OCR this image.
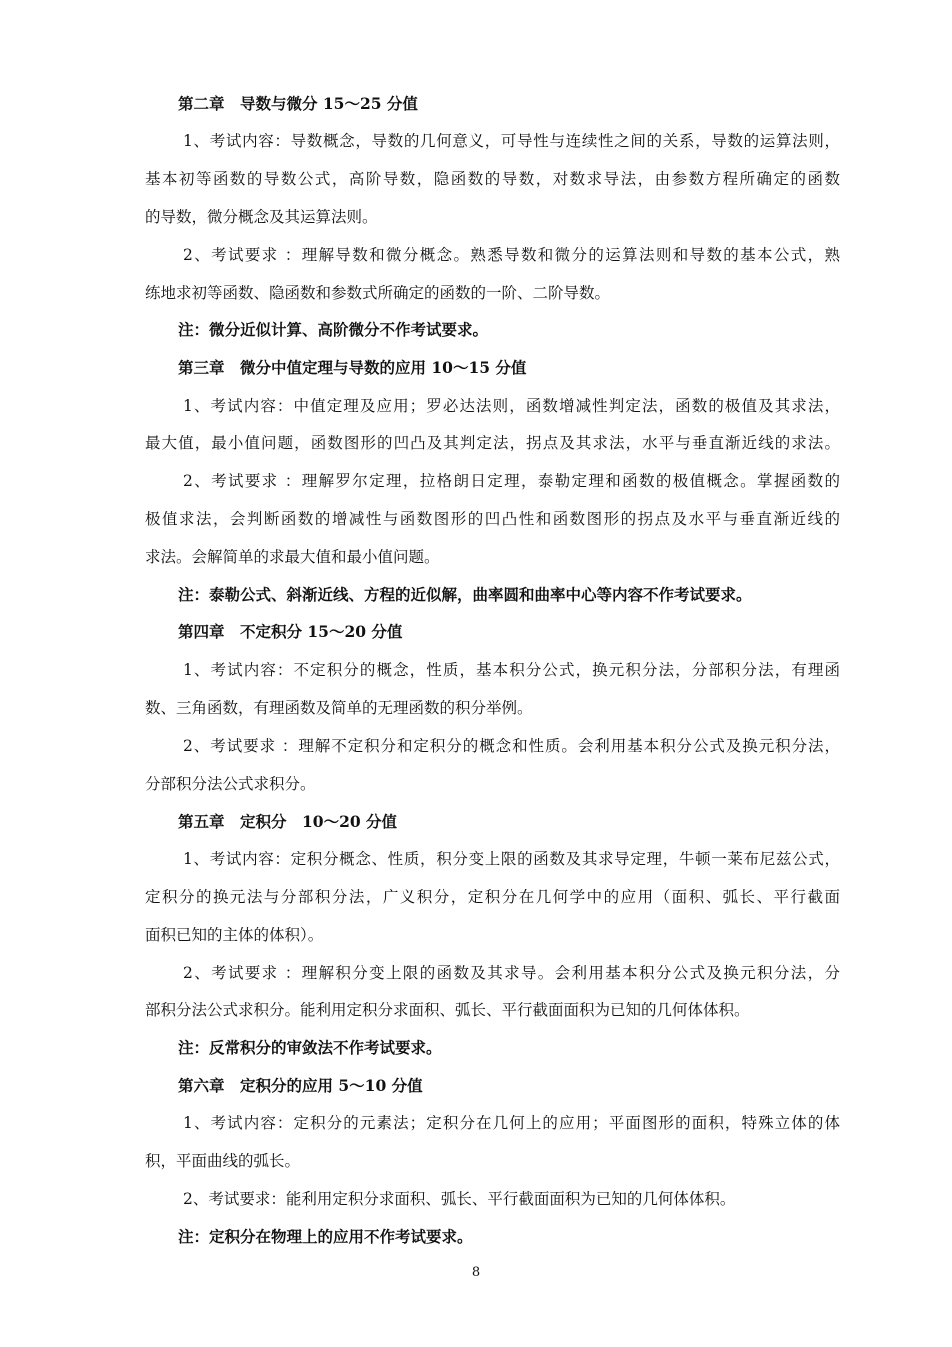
第二章　导数与微分 15～25 分值
1、考试内容：导数概念，导数的几何意义，可导性与连续性之间的关系，导数的运算法则，
基本初等函数的导数公式，高阶导数，隐函数的导数，对数求导法，由参数方程所确定的函数
的导数，微分概念及其运算法则。
2、考试要求 ：理解导数和微分概念。熟悉导数和微分的运算法则和导数的基本公式，熟
练地求初等函数、隐函数和参数式所确定的函数的一阶、二阶导数。
注：微分近似计算、高阶微分不作考试要求。
第三章　微分中值定理与导数的应用 10～15 分值
1、考试内容：中值定理及应用；罗必达法则，函数增减性判定法，函数的极值及其求法，
最大值，最小值问题，函数图形的凹凸及其判定法，拐点及其求法，水平与垂直渐近线的求法。
2、考试要求 ：理解罗尔定理，拉格朗日定理，泰勒定理和函数的极值概念。掌握函数的
极值求法，会判断函数的增减性与函数图形的凹凸性和函数图形的拐点及水平与垂直渐近线的
求法。会解简单的求最大值和最小值问题。
注：泰勒公式、斜渐近线、方程的近似解，曲率圆和曲率中心等内容不作考试要求。
第四章　不定积分 15～20 分值
1、考试内容：不定积分的概念，性质，基本积分公式，换元积分法，分部积分法，有理函
数、三角函数，有理函数及简单的无理函数的积分举例。
2、考试要求 ：理解不定积分和定积分的概念和性质。会利用基本积分公式及换元积分法，
分部积分法公式求积分。
第五章　定积分　10～20 分值
1、考试内容：定积分概念、性质，积分变上限的函数及其求导定理，牛顿一莱布尼兹公式，
定积分的换元法与分部积分法，广义积分，定积分在几何学中的应用（面积、弧长、平行截面
面积已知的主体的体积）。
2、考试要求 ：理解积分变上限的函数及其求导。会利用基本积分公式及换元积分法，分
部积分法公式求积分。能利用定积分求面积、弧长、平行截面面积为已知的几何体体积。
注：反常积分的审敛法不作考试要求。
第六章　定积分的应用 5～10 分值
1、考试内容：定积分的元素法；定积分在几何上的应用；平面图形的面积，特殊立体的体
积，平面曲线的弧长。
2、考试要求：能利用定积分求面积、弧长、平行截面面积为已知的几何体体积。
注：定积分在物理上的应用不作考试要求。
8
